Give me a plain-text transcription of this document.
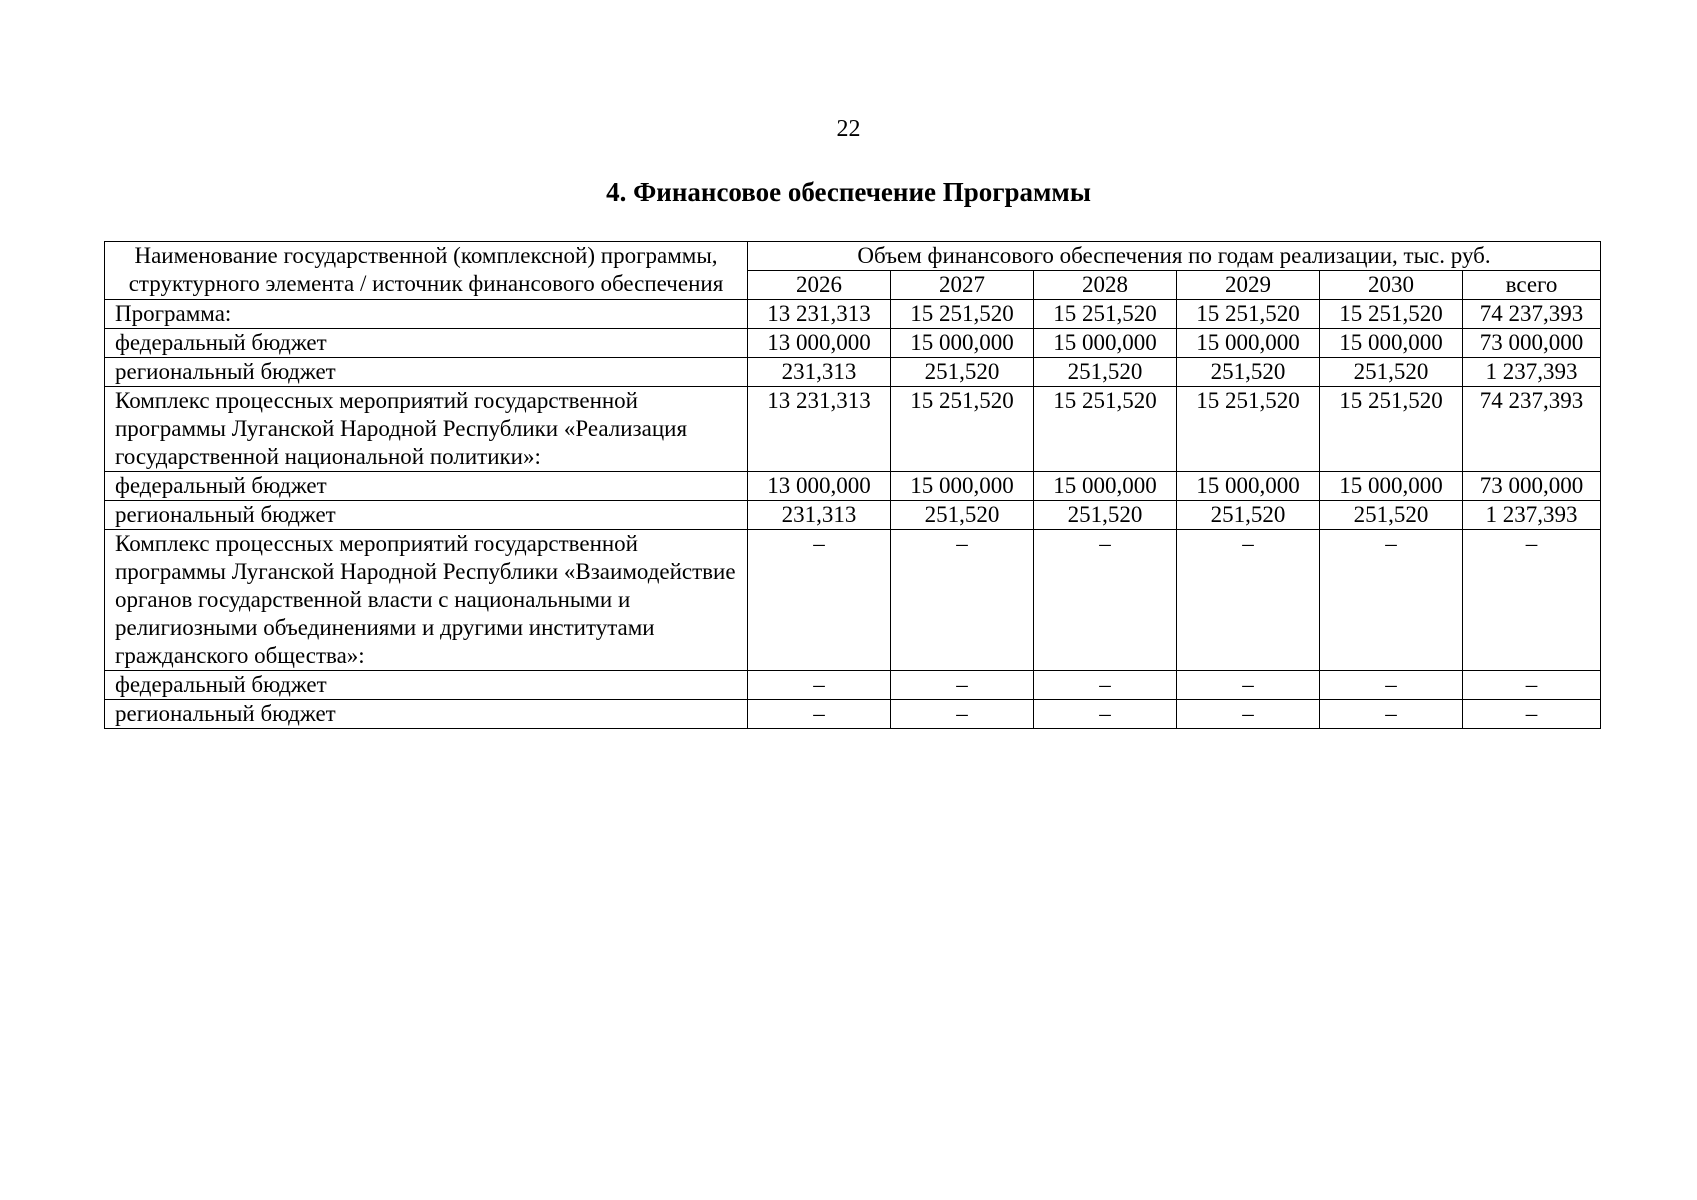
22
4. Финансовое обеспечение Программы
Наименование государственной (комплексной) программы, структурного элемента / источник финансового обеспечения	Объем финансового обеспечения по годам реализации, тыс. руб.					
	2026	2027	2028	2029	2030	всего
Программа:	13 231,313	15 251,520	15 251,520	15 251,520	15 251,520	74 237,393
федеральный бюджет	13 000,000	15 000,000	15 000,000	15 000,000	15 000,000	73 000,000
региональный бюджет	231,313	251,520	251,520	251,520	251,520	1 237,393
Комплекс процессных мероприятий государственной программы Луганской Народной Республики «Реализация государственной национальной политики»:	13 231,313	15 251,520	15 251,520	15 251,520	15 251,520	74 237,393
федеральный бюджет	13 000,000	15 000,000	15 000,000	15 000,000	15 000,000	73 000,000
региональный бюджет	231,313	251,520	251,520	251,520	251,520	1 237,393
Комплекс процессных мероприятий государственной программы Луганской Народной Республики «Взаимодействие органов государственной власти с национальными и религиозными объединениями и другими институтами гражданского общества»:	–	–	–	–	–	–
федеральный бюджет	–	–	–	–	–	–
региональный бюджет	–	–	–	–	–	–
